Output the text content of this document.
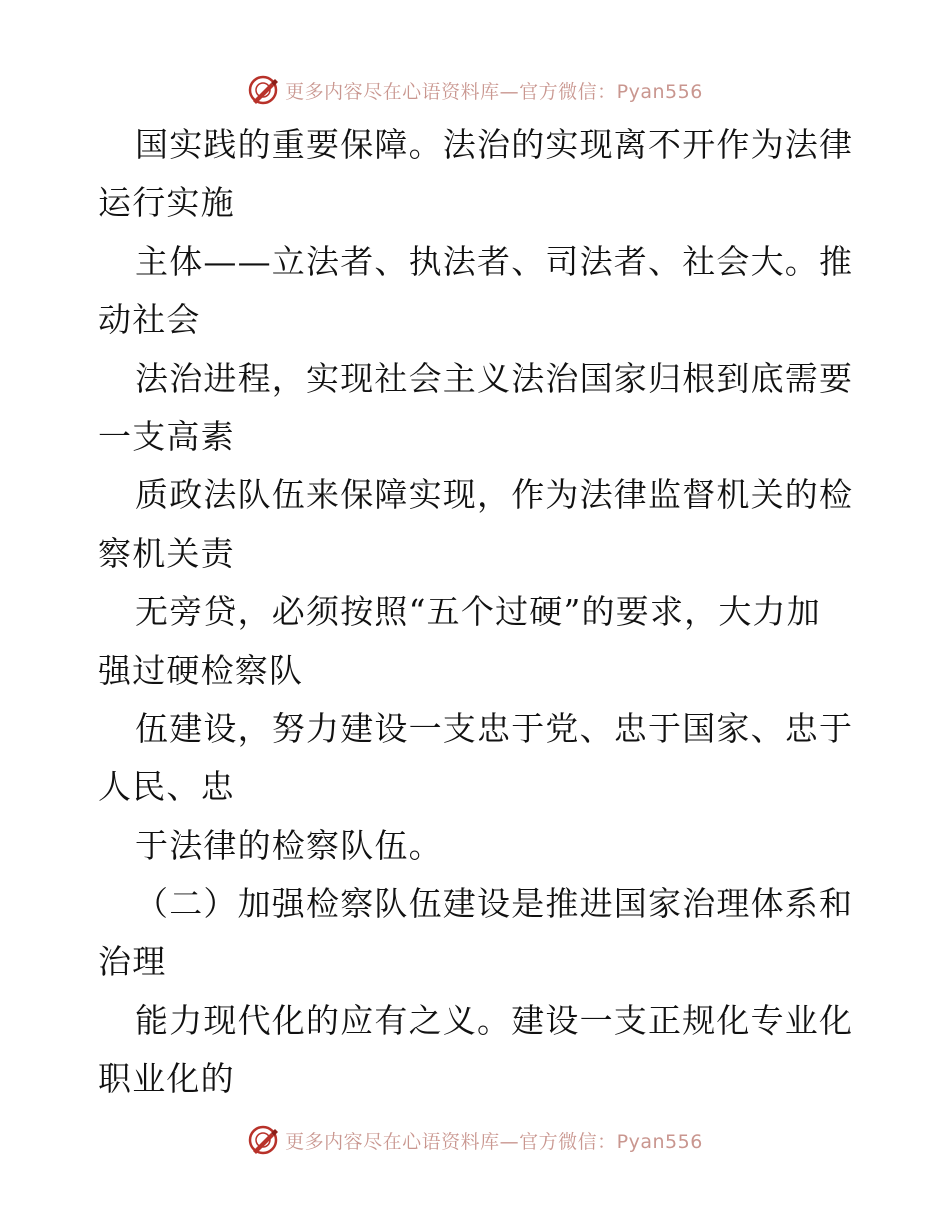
更多内容尽在心语资料库—官方微信：Pyan556
国实践的重要保障。法治的实现离不开作为法律
运行实施
主体——立法者、执法者、司法者、社会大。推
动社会
法治进程，实现社会主义法治国家归根到底需要
一支高素
质政法队伍来保障实现，作为法律监督机关的检
察机关责
无旁贷，必须按照“五个过硬”的要求，大力加
强过硬检察队
伍建设，努力建设一支忠于党、忠于国家、忠于
人民、忠
于法律的检察队伍。
（二）加强检察队伍建设是推进国家治理体系和
治理
能力现代化的应有之义。建设一支正规化专业化
职业化的
更多内容尽在心语资料库—官方微信：Pyan556
